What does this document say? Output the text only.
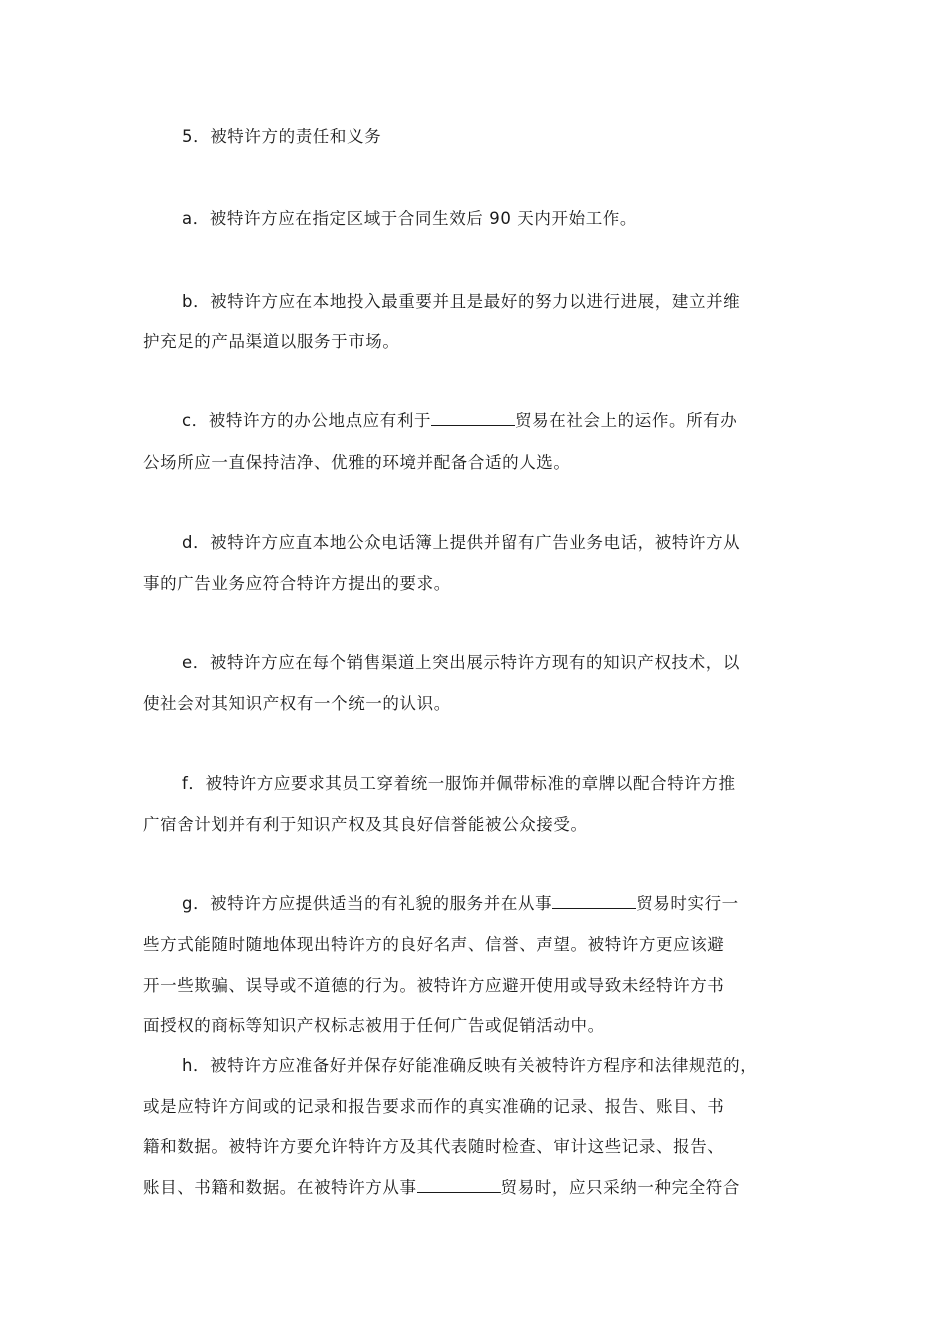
5．被特许方的责任和义务
a．被特许方应在指定区域于合同生效后 90 天内开始工作。
b．被特许方应在本地投入最重要并且是最好的努力以进行进展，建立并维
护充足的产品渠道以服务于市场。
c．被特许方的办公地点应有利于	贸易在社会上的运作。所有办
公场所应一直保持洁净、优雅的环境并配备合适的人选。
d．被特许方应直本地公众电话簿上提供并留有广告业务电话，被特许方从
事的广告业务应符合特许方提出的要求。
e．被特许方应在每个销售渠道上突出展示特许方现有的知识产权技术，以
使社会对其知识产权有一个统一的认识。
f．被特许方应要求其员工穿着统一服饰并佩带标准的章牌以配合特许方推
广宿舍计划并有利于知识产权及其良好信誉能被公众接受。
g．被特许方应提供适当的有礼貌的服务并在从事	贸易时实行一
些方式能随时随地体现出特许方的良好名声、信誉、声望。被特许方更应该避
开一些欺骗、误导或不道德的行为。被特许方应避开使用或导致未经特许方书
面授权的商标等知识产权标志被用于任何广告或促销活动中。
h．被特许方应准备好并保存好能准确反映有关被特许方程序和法律规范的，
或是应特许方间或的记录和报告要求而作的真实准确的记录、报告、账目、书
籍和数据。被特许方要允许特许方及其代表随时检查、审计这些记录、报告、
账目、书籍和数据。在被特许方从事	贸易时，应只采纳一种完全符合
